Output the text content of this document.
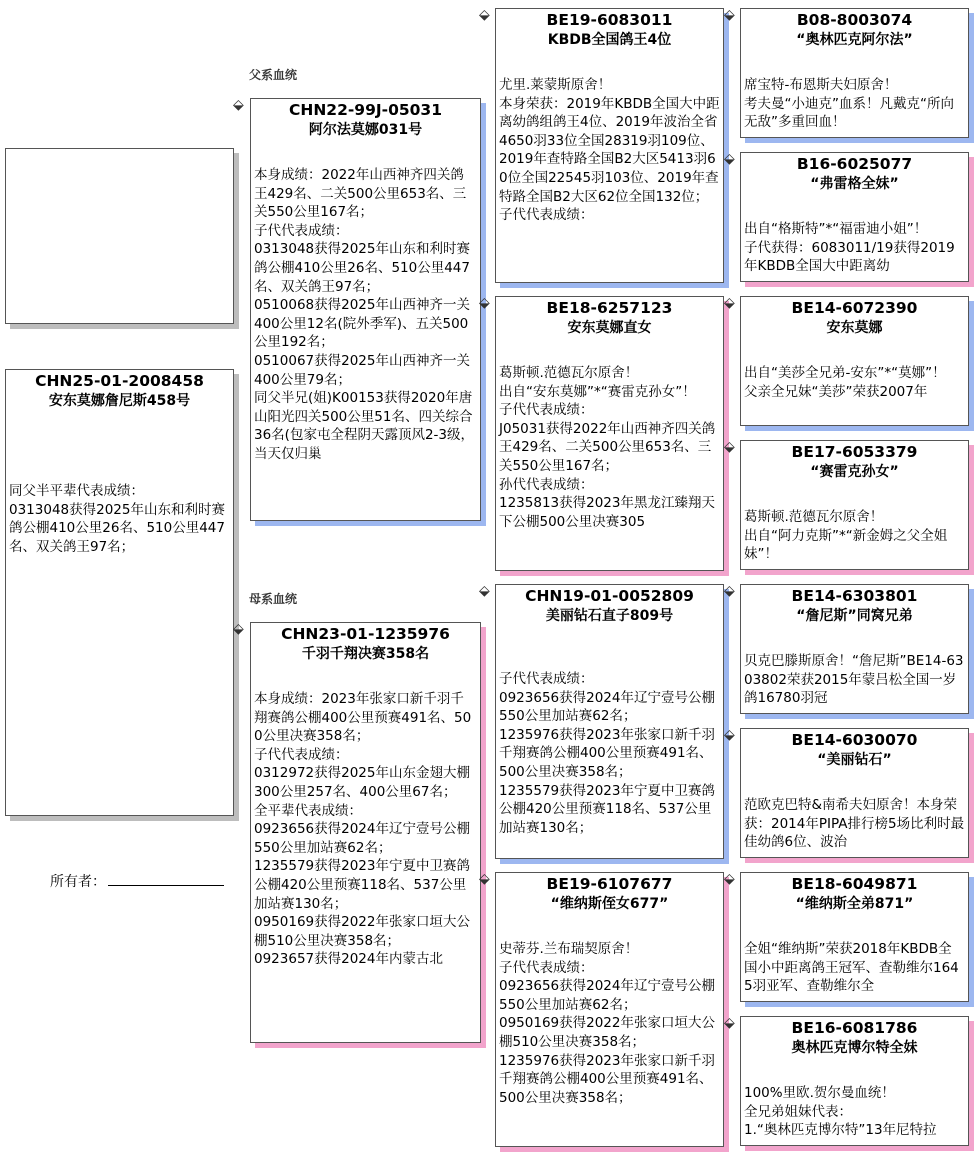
CHN25-01-2008458
安东莫娜詹尼斯458号
同父半平辈代表成绩：
0313048获得2025年山东和利时赛鸽公棚410公里26名、510公里447名、双关鸽王97名；
所有者：
父系血统
母系血统
⬙	CHN22-99J-05031
阿尔法莫娜031号
本身成绩：2022年山西神齐四关鸽王429名、二关500公里653名、三关550公里167名；
子代代表成绩：
0313048获得2025年山东和利时赛鸽公棚410公里26名、510公里447名、双关鸽王97名；
0510068获得2025年山西神齐一关400公里12名(院外季军)、五关500公里192名；
0510067获得2025年山西神齐一关400公里79名；
同父半兄(姐)K00153获得2020年唐山阳光四关500公里51名、四关综合36名(包家屯全程阴天露顶风2-3级，当天仅归巢
⬙	CHN23-01-1235976
千羽千翔决赛358名
本身成绩：2023年张家口新千羽千翔赛鸽公棚400公里预赛491名、500公里决赛358名；
子代代表成绩：
0312972获得2025年山东金翅大棚300公里257名、400公里67名；
全平辈代表成绩：
0923656获得2024年辽宁壹号公棚550公里加站赛62名；
1235579获得2023年宁夏中卫赛鸽公棚420公里预赛118名、537公里加站赛130名；
0950169获得2022年张家口垣大公棚510公里决赛358名；
0923657获得2024年内蒙古北
⬙	BE19-6083011
KBDB全国鸽王4位
尤里.莱蒙斯原舍！
本身荣获：2019年KBDB全国大中距离幼鸽组鸽王4位、2019年波治全省4650羽33位全国28319羽109位、2019年查特路全国B2大区5413羽60位全国22545羽103位、2019年查特路全国B2大区62位全国132位；
子代代表成绩：
⬙	BE18-6257123
安东莫娜直女
葛斯顿.范德瓦尔原舍！
出自“安东莫娜”*“赛雷克孙女”！
子代代表成绩：
J05031获得2022年山西神齐四关鸽王429名、二关500公里653名、三关550公里167名；
孙代代表成绩：
1235813获得2023年黑龙江臻翔天下公棚500公里决赛305
⬙	CHN19-01-0052809
美丽钻石直子809号
子代代表成绩：
0923656获得2024年辽宁壹号公棚550公里加站赛62名；
1235976获得2023年张家口新千羽千翔赛鸽公棚400公里预赛491名、500公里决赛358名；
1235579获得2023年宁夏中卫赛鸽公棚420公里预赛118名、537公里加站赛130名；
⬙	BE19-6107677
“维纳斯侄女677”
史蒂芬.兰布瑞契原舍！
子代代表成绩：
0923656获得2024年辽宁壹号公棚550公里加站赛62名；
0950169获得2022年张家口垣大公棚510公里决赛358名；
1235976获得2023年张家口新千羽千翔赛鸽公棚400公里预赛491名、500公里决赛358名；
⬙	B08-8003074
“奥林匹克阿尔法”
席宝特-布恩斯夫妇原舍！
考夫曼“小迪克”血系！凡戴克“所向无敌”多重回血！
⬙	B16-6025077
“弗雷格全妹”
出自“格斯特”*“福雷迪小姐”！
子代获得：6083011/19获得2019年KBDB全国大中距离幼
⬙	BE14-6072390
安东莫娜
出自“美莎全兄弟-安东”*“莫娜”！
父亲全兄妹“美莎”荣获2007年
⬙	BE17-6053379
“赛雷克孙女”
葛斯顿.范德瓦尔原舍！
出自“阿力克斯”*“新金姆之父全姐妹”！
⬙	BE14-6303801
“詹尼斯”同窝兄弟
贝克巴滕斯原舍！“詹尼斯”BE14-6303802荣获2015年蒙吕松全国一岁鸽16780羽冠
⬙	BE14-6030070
“美丽钻石”
范欧克巴特&南希夫妇原舍！本身荣获：2014年PIPA排行榜5场比利时最佳幼鸽6位、波治
⬙	BE18-6049871
“维纳斯全弟871”
全姐“维纳斯”荣获2018年KBDB全国小中距离鸽王冠军、查勒维尔1645羽亚军、查勒维尔全
⬙	BE16-6081786
奥林匹克博尔特全妹
100%里欧.贺尔曼血统！
全兄弟姐妹代表：
1.“奥林匹克博尔特”13年尼特拉
